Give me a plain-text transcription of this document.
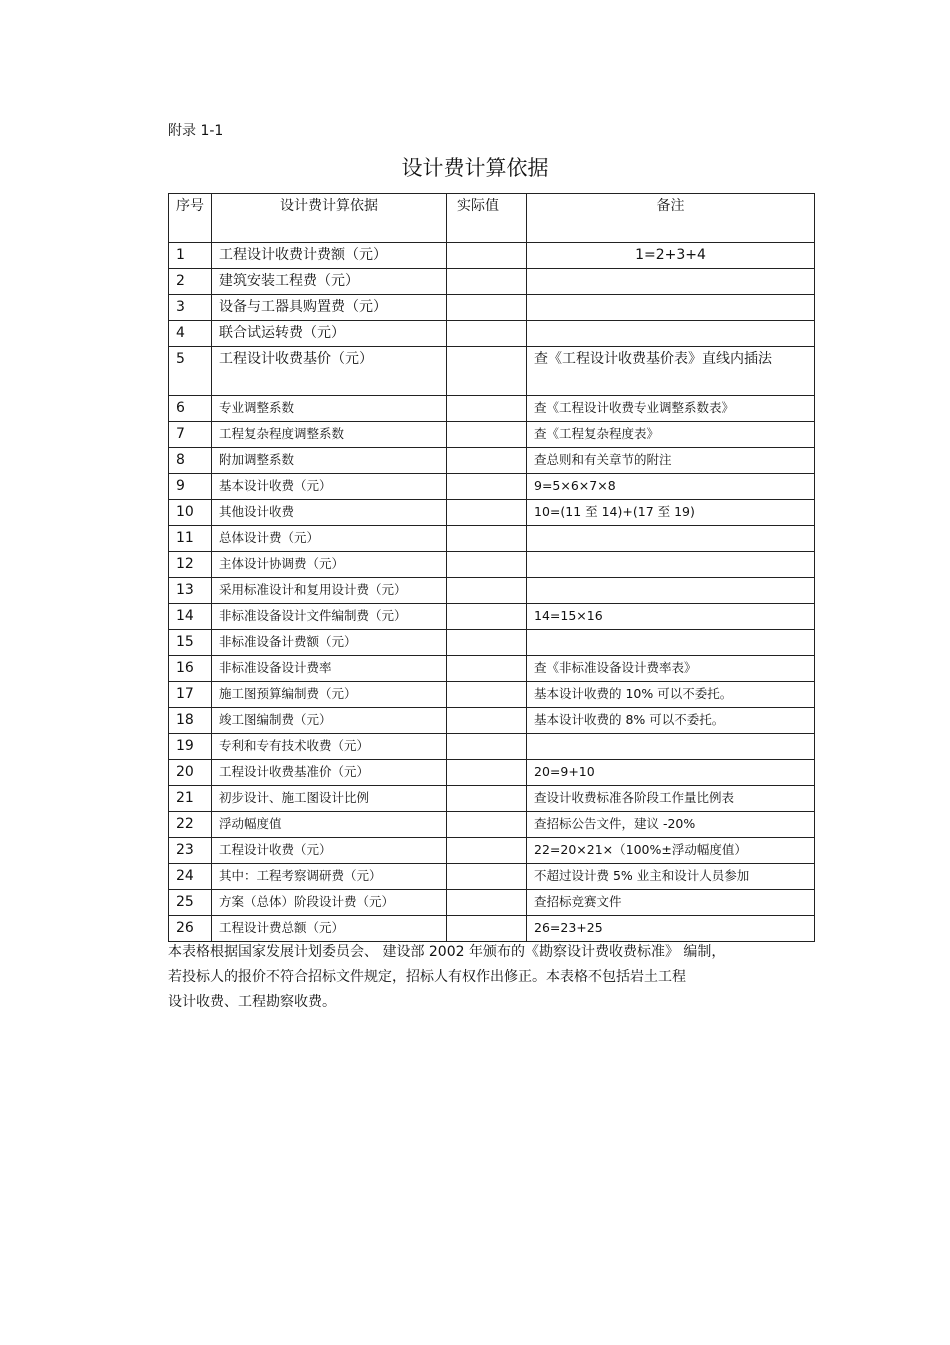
附录 1-1
设计费计算依据
序号	设计费计算依据	实际值	备注
1	工程设计收费计费额（元）		1=2+3+4
2	建筑安装工程费（元）		
3	设备与工器具购置费（元）		
4	联合试运转费（元）		
5	工程设计收费基价（元）		查《工程设计收费基价表》直线内插法
6	专业调整系数		查《工程设计收费专业调整系数表》
7	工程复杂程度调整系数		查《工程复杂程度表》
8	附加调整系数		查总则和有关章节的附注
9	基本设计收费（元）		9=5×6×7×8
10	其他设计收费		10=(11 至 14)+(17 至 19)
11	总体设计费（元）		
12	主体设计协调费（元）		
13	采用标准设计和复用设计费（元）		
14	非标准设备设计文件编制费（元）		14=15×16
15	非标准设备计费额（元）		
16	非标准设备设计费率		查《非标准设备设计费率表》
17	施工图预算编制费（元）		基本设计收费的 10% 可以不委托。
18	竣工图编制费（元）		基本设计收费的 8% 可以不委托。
19	专利和专有技术收费（元）		
20	工程设计收费基准价（元）		20=9+10
21	初步设计、施工图设计比例		查设计收费标准各阶段工作量比例表
22	浮动幅度值		查招标公告文件，建议 -20%
23	工程设计收费（元）		22=20×21×（100%±浮动幅度值）
24	其中：工程考察调研费（元）		不超过设计费 5% 业主和设计人员参加
25	方案（总体）阶段设计费（元）		查招标竞赛文件
26	工程设计费总额（元）		26=23+25
本表格根据国家发展计划委员会、 建设部 2002 年颁布的《勘察设计费收费标准》 编制，
若投标人的报价不符合招标文件规定，招标人有权作出修正。本表格不包括岩土工程
设计收费、工程勘察收费。
